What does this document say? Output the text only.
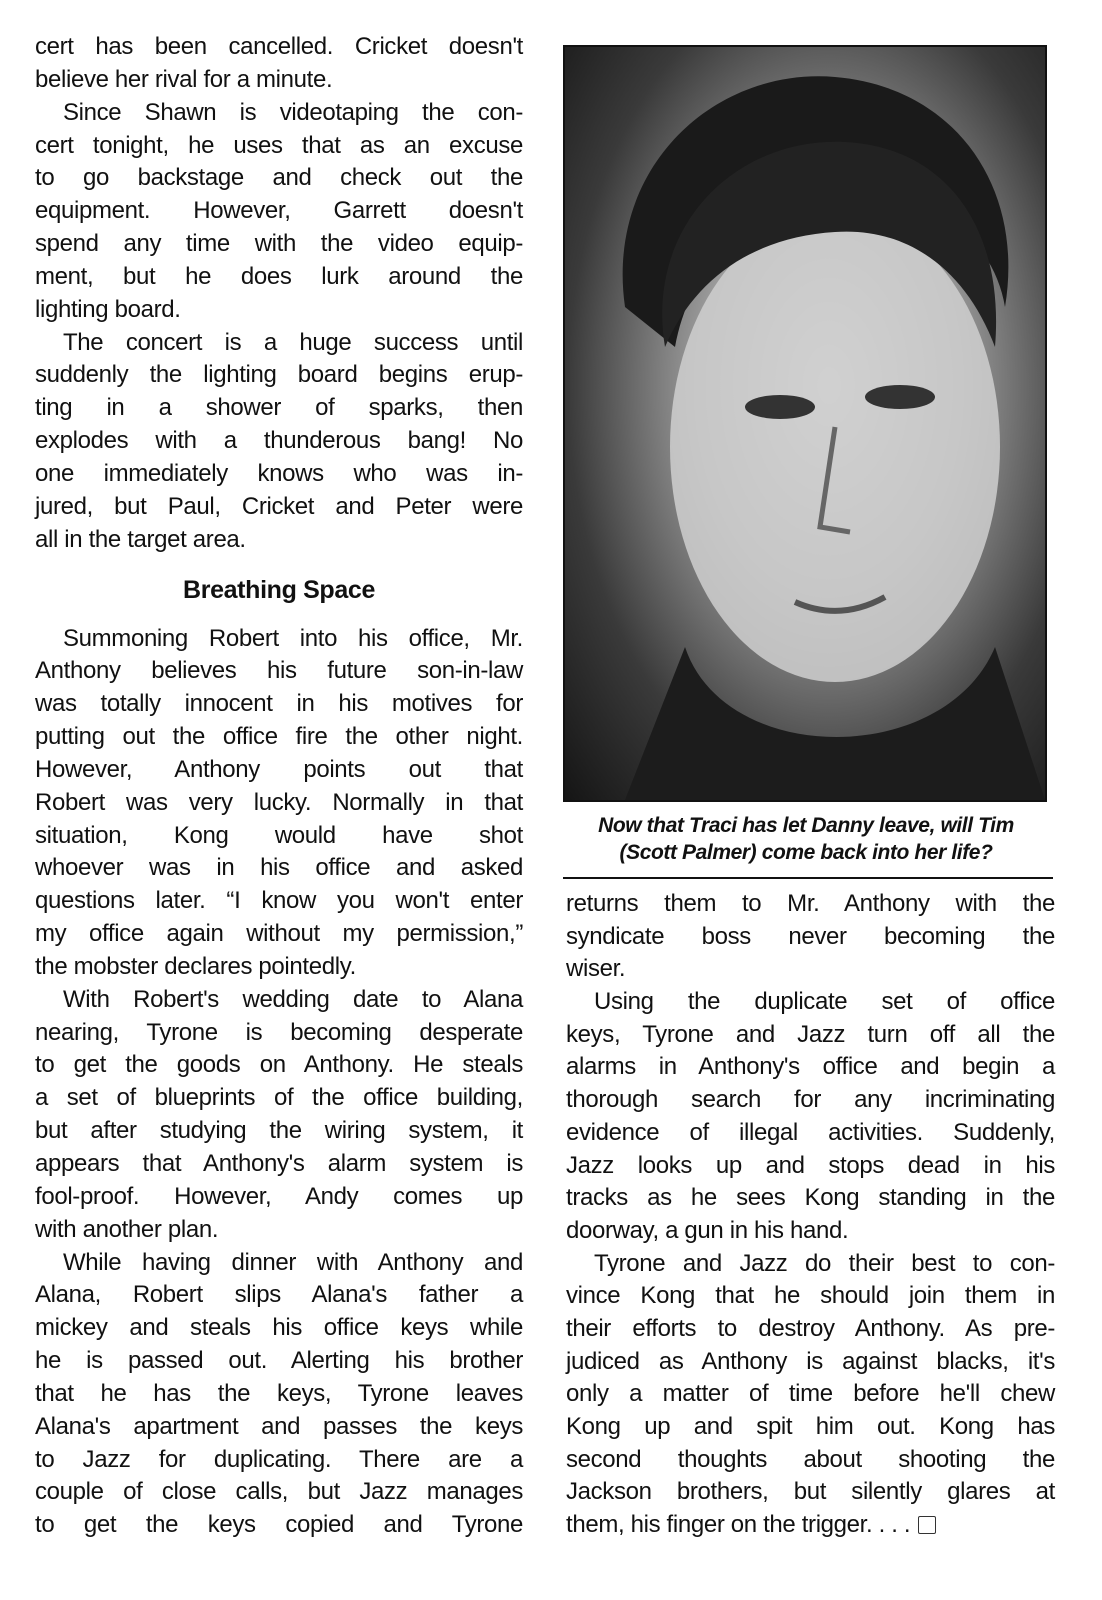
cert has been cancelled. Cricket doesn't
believe her rival for a minute.
Since Shawn is videotaping the con-
cert tonight, he uses that as an excuse
to go backstage and check out the
equipment. However, Garrett doesn't
spend any time with the video equip-
ment, but he does lurk around the
lighting board.
The concert is a huge success until
suddenly the lighting board begins erup-
ting in a shower of sparks, then
explodes with a thunderous bang! No
one immediately knows who was in-
jured, but Paul, Cricket and Peter were
all in the target area.
Breathing Space
Summoning Robert into his office, Mr.
Anthony believes his future son-in-law
was totally innocent in his motives for
putting out the office fire the other night.
However, Anthony points out that
Robert was very lucky. Normally in that
situation, Kong would have shot
whoever was in his office and asked
questions later. “I know you won't enter
my office again without my permission,”
the mobster declares pointedly.
With Robert's wedding date to Alana
nearing, Tyrone is becoming desperate
to get the goods on Anthony. He steals
a set of blueprints of the office building,
but after studying the wiring system, it
appears that Anthony's alarm system is
fool-proof. However, Andy comes up
with another plan.
While having dinner with Anthony and
Alana, Robert slips Alana's father a
mickey and steals his office keys while
he is passed out. Alerting his brother
that he has the keys, Tyrone leaves
Alana's apartment and passes the keys
to Jazz for duplicating. There are a
couple of close calls, but Jazz manages
to get the keys copied and Tyrone
Now that Traci has let Danny leave, will Tim
(Scott Palmer) come back into her life?
returns them to Mr. Anthony with the
syndicate boss never becoming the
wiser.
Using the duplicate set of office
keys, Tyrone and Jazz turn off all the
alarms in Anthony's office and begin a
thorough search for any incriminating
evidence of illegal activities. Suddenly,
Jazz looks up and stops dead in his
tracks as he sees Kong standing in the
doorway, a gun in his hand.
Tyrone and Jazz do their best to con-
vince Kong that he should join them in
their efforts to destroy Anthony. As pre-
judiced as Anthony is against blacks, it's
only a matter of time before he'll chew
Kong up and spit him out. Kong has
second thoughts about shooting the
Jackson brothers, but silently glares at
them, his finger on the trigger. . . .
